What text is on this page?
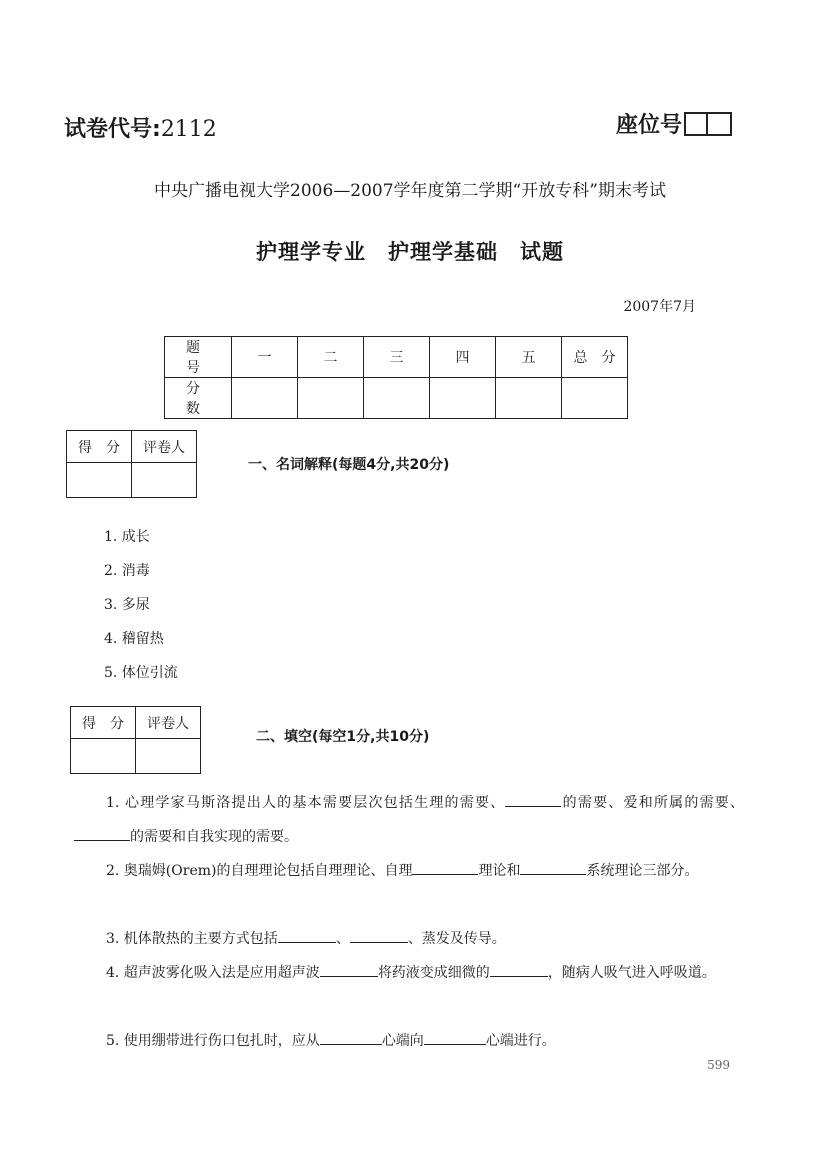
试卷代号:2112	座位号
中央广播电视大学2006—2007学年度第二学期“开放专科”期末考试
护理学专业　护理学基础　试题
2007年7月
题　号	一	二	三	四	五	总　分
分　数						
得　分	评卷人

一、名词解释(每题4分,共20分)
1. 成长
2. 消毒
3. 多尿
4. 稽留热
5. 体位引流
得　分	评卷人

二、填空(每空1分,共10分)
1. 心理学家马斯洛提出人的基本需要层次包括生理的需要、	的需要、爱和所属的需要、的需要和自我实现的需要。
2. 奥瑞姆(Orem)的自理理论包括自理理论、自理	理论和	系统理论三部分。
3. 机体散热的主要方式包括	、	、蒸发及传导。
4. 超声波雾化吸入法是应用超声波	将药液变成细微的	，随病人吸气进入呼吸道。
5. 使用绷带进行伤口包扎时，应从	心端向	心端进行。
599
